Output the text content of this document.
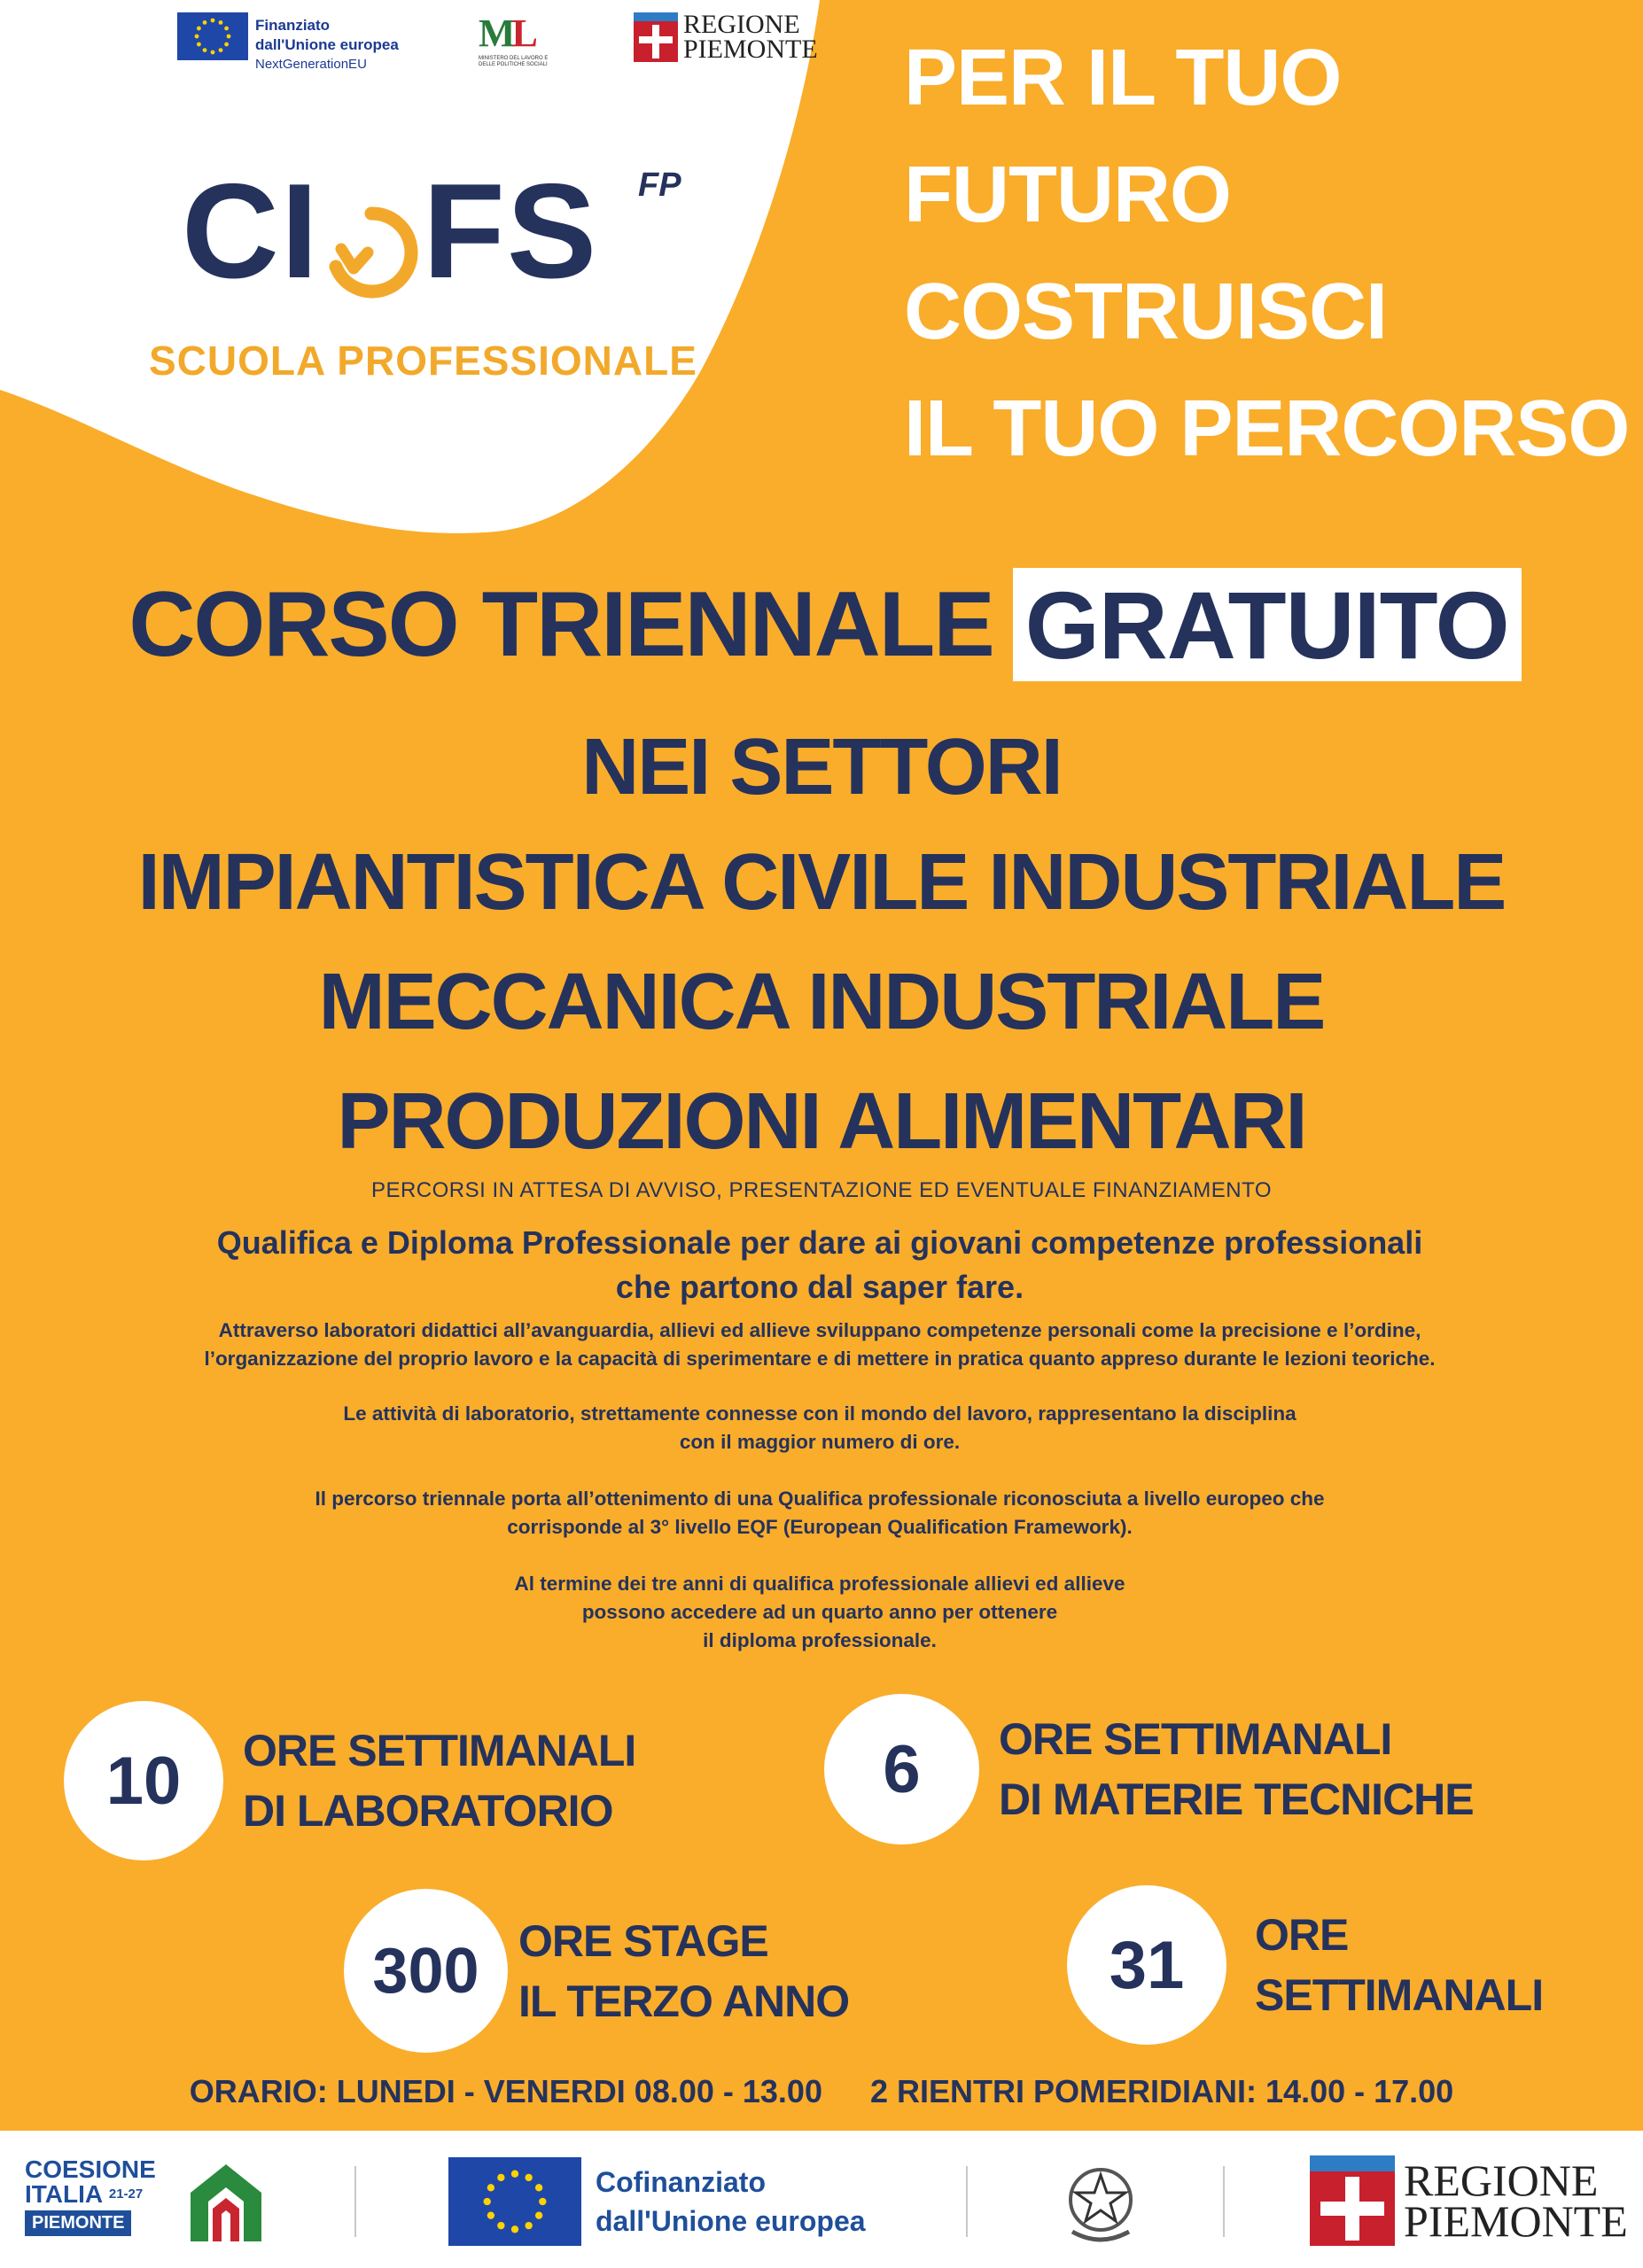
Finanziato
dall'Unione europea
NextGenerationEU
ML
MINISTERO DEL LAVORO E DELLE POLITICHE SOCIALI
REGIONE
PIEMONTE
CI FS FP
SCUOLA PROFESSIONALE
PER IL TUO
FUTURO
COSTRUISCI
IL TUO PERCORSO
CORSO TRIENNALE GRATUITO
NEI SETTORI
IMPIANTISTICA CIVILE INDUSTRIALE
MECCANICA INDUSTRIALE
PRODUZIONI ALIMENTARI
PERCORSI IN ATTESA DI AVVISO, PRESENTAZIONE ED EVENTUALE FINANZIAMENTO
Qualifica e Diploma Professionale per dare ai giovani competenze professionali
che partono dal saper fare.
Attraverso laboratori didattici all’avanguardia, allievi ed allieve sviluppano competenze personali come la precisione e l’ordine,
l’organizzazione del proprio lavoro e la capacità di sperimentare e di mettere in pratica quanto appreso durante le lezioni teoriche.
Le attività di laboratorio, strettamente connesse con il mondo del lavoro, rappresentano la disciplina
con il maggior numero di ore.
Il percorso triennale porta all’ottenimento di una Qualifica professionale riconosciuta a livello europeo che
corrisponde al 3° livello EQF (European Qualification Framework).
Al termine dei tre anni di qualifica professionale allievi ed allieve
possono accedere ad un quarto anno per ottenere
il diploma professionale.
10	ORE SETTIMANALI
DI LABORATORIO
6	ORE SETTIMANALI
DI MATERIE TECNICHE
300 ORE STAGE
IL TERZO ANNO	31	ORE
SETTIMANALI
ORARIO: LUNEDI - VENERDI 08.00 - 13.00 2 RIENTRI POMERIDIANI: 14.00 - 17.00
COESIONE
ITALIA $^{21-27}$
PIEMONTE
Cofinanziato
dall'Unione europea
REGIONE
PIEMONTE
